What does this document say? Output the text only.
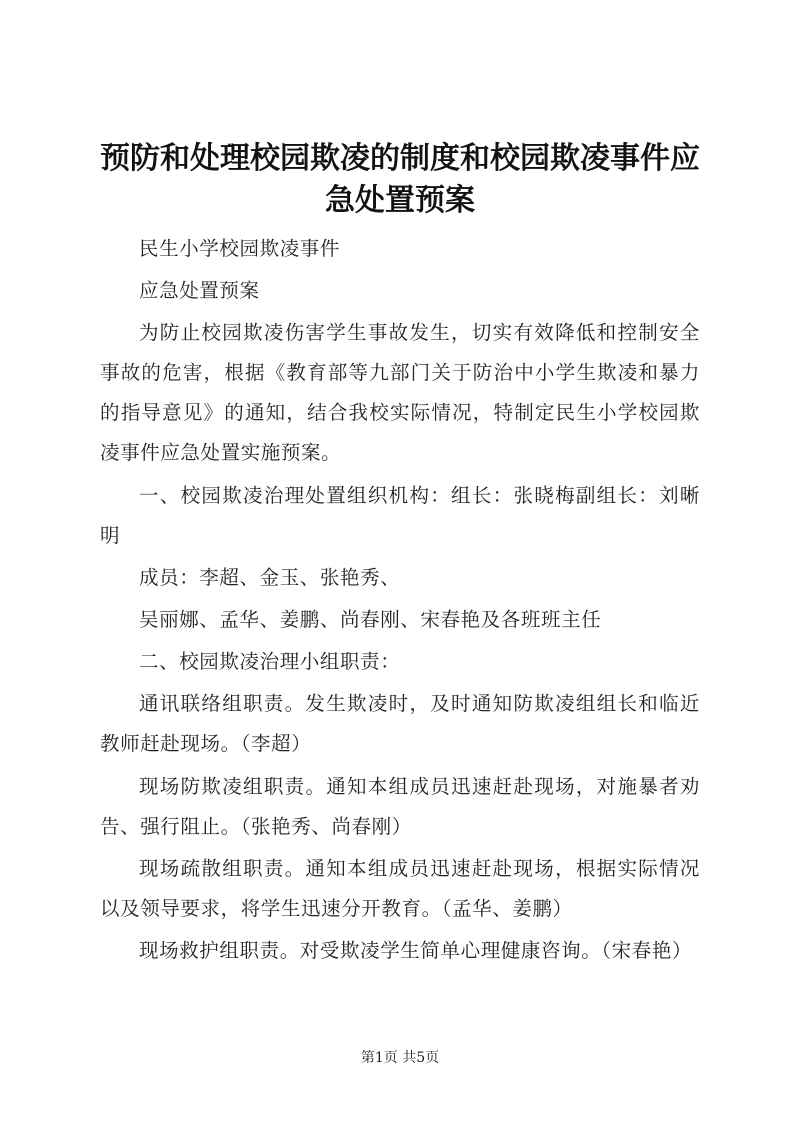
预防和处理校园欺凌的制度和校园欺凌事件应急处置预案

民生小学校园欺凌事件

应急处置预案

为防止校园欺凌伤害学生事故发生，切实有效降低和控制安全事故的危害，根据《教育部等九部门关于防治中小学生欺凌和暴力的指导意见》的通知，结合我校实际情况，特制定民生小学校园欺凌事件应急处置实施预案。

一、校园欺凌治理处置组织机构：组长：张晓梅副组长：刘晰明

成员：李超、金玉、张艳秀、

吴丽娜、孟华、姜鹏、尚春刚、宋春艳及各班班主任

二、校园欺凌治理小组职责：

通讯联络组职责。发生欺凌时，及时通知防欺凌组组长和临近教师赶赴现场。（李超）

现场防欺凌组职责。通知本组成员迅速赶赴现场，对施暴者劝告、强行阻止。（张艳秀、尚春刚）

现场疏散组职责。通知本组成员迅速赶赴现场，根据实际情况以及领导要求，将学生迅速分开教育。（孟华、姜鹏）

现场救护组职责。对受欺凌学生简单心理健康咨询。（宋春艳）

第1页 共5页
